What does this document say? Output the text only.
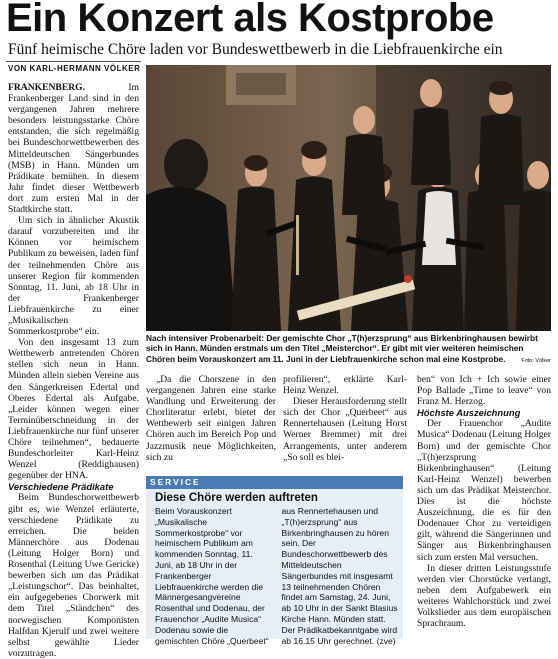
Ein Konzert als Kostprobe
Fünf heimische Chöre laden vor Bundeswettbewerb in die Liebfrauenkirche ein
VON KARL-HERMANN VÖLKER

FRANKENBERG.	Im Frankenberger Land sind in den vergangenen Jahren mehrere besonders leistungsstarke Chöre entstanden, die sich regelmäßig bei Bundeschorwettbewerben des Mitteldeutschen Sängerbundes (MSB) in Hann. Münden um Prädikate bemühen. In diesem Jahr findet dieser Wettbewerb dort zum ersten Mal in der Stadtkirche statt.

Um sich in ähnlicher Akustik darauf vorzubereiten und ihr Können vor heimischem Publikum zu beweisen, laden fünf der teilnehmenden Chöre aus unserer Region für kommenden Sonntag, 11. Juni, ab 18 Uhr in der Frankenberger Liebfrauenkirche zu einer „Musikalischen Sommerkostprobe“ ein.

Von den insgesamt 13 zum Wettbewerb antretenden Chören stellen sich neun in Hann. Münden allein sieben Vereine aus den Sängerkreisen Edertal und Oberes Edertal als Aufgabe. „Leider können wegen einer Terminüberschneidung in der Liebfrauenkirche nur fünf unserer Chöre teilnehmen“, bedauerte Bundeschorleiter Karl-Heinz Wenzel (Reddighausen) gegenüber der HNA.

Verschiedene Prädikate

Beim Bundeschorwettbewerb gibt es, wie Wenzel erläuterte, verschiedene Prädikate zu erreichen. Die beiden Männerchöre aus Dodenau (Leitung Holger Born) und Rosenthal (Leitung Uwe Gericke) bewerben sich um das Prädikat „Leistungschor“. Das beinhaltet, ein aufgegebenes Chorwerk mit dem Titel „Ständchen“ des norwegischen Komponisten Halfdan Kjerulf und zwei weitere selbst gewählte Lieder vorzutragen.

Nach intensiver Probenarbeit: Der gemischte Chor „T(h)erzsprung“ aus Birkenbringhausen bewirbt sich in Hann. Münden erstmals um den Titel „Meisterchor“. Er gibt mit vier weiteren heimischen Chören beim Vorauskonzert am 11. Juni in der Liebfrauenkirche schon mal eine Kostprobe.	Foto: Völker

„Da die Chorszene in den vergangenen Jahren eine starke Wandlung und Erweiterung der Chorliteratur erlebt, bietet der Wettbewerb seit einigen Jahren Chören auch im Bereich Pop und Jazzmusik neue Möglichkeiten, sich zu

profilieren“, erklärte Karl-Heinz Wenzel.

Dieser Herausforderung stellt sich der Chor „Querbeet“ aus Rennertehausen (Leitung Horst Werner Bremmer) mit drei Arrangements, unter anderem „So soll es blei-

ben“ von Ich + Ich sowie einer Pop Ballade „Time to leave“ von Franz M. Herzog.

Höchste Auszeichnung

Der Frauenchor „Audite Musica“ Dodenau (Leitung Holger Born) und der gemischte Chor „T(h)erzsprung Birkenbringhausen“ (Leitung Karl-Heinz Wenzel) bewerben sich um das Prädikat Meisterchor. Dies ist die höchste Auszeichnung, die es für den Dodenauer Chor zu verteidigen gilt, während die Sängerinnen und Sänger aus Birkenbringhausen sich zum ersten Mal versuchen.

In dieser dritten Leistungsstufe werden vier Chorstücke verlangt, neben dem Aufgabewerk ein weiteres Wahlchorstück und zwei Volkslieder aus dem europäischen Sprachraum.

SERVICE
Diese Chöre werden auftreten
Beim Vorauskonzert „Musikalische Sommerkostprobe“ vor heimischem Publikum am kommenden Sonntag, 11. Juni, ab 18 Uhr in der Frankenberger Liebfrauenkirche werden die Männergesangvereine Rosenthal und Dodenau, der Frauenchor „Audite Musica“ Dodenau sowie die gemischten Chöre „Querbeet“ aus Rennertehausen und „T(h)erzsprung“ aus Birkenbringhausen zu hören sein. Der Bundeschorwettbewerb des Mitteldeutschen Sängerbundes mit insgesamt 13 teilnehmenden Chören findet am Samstag, 24. Juni, ab 10 Uhr in der Sankt Blasius Kirche Hann. Münden statt. Der Prädikatbekanntgabe wird ab 16.15 Uhr gerechnet. (zve)
